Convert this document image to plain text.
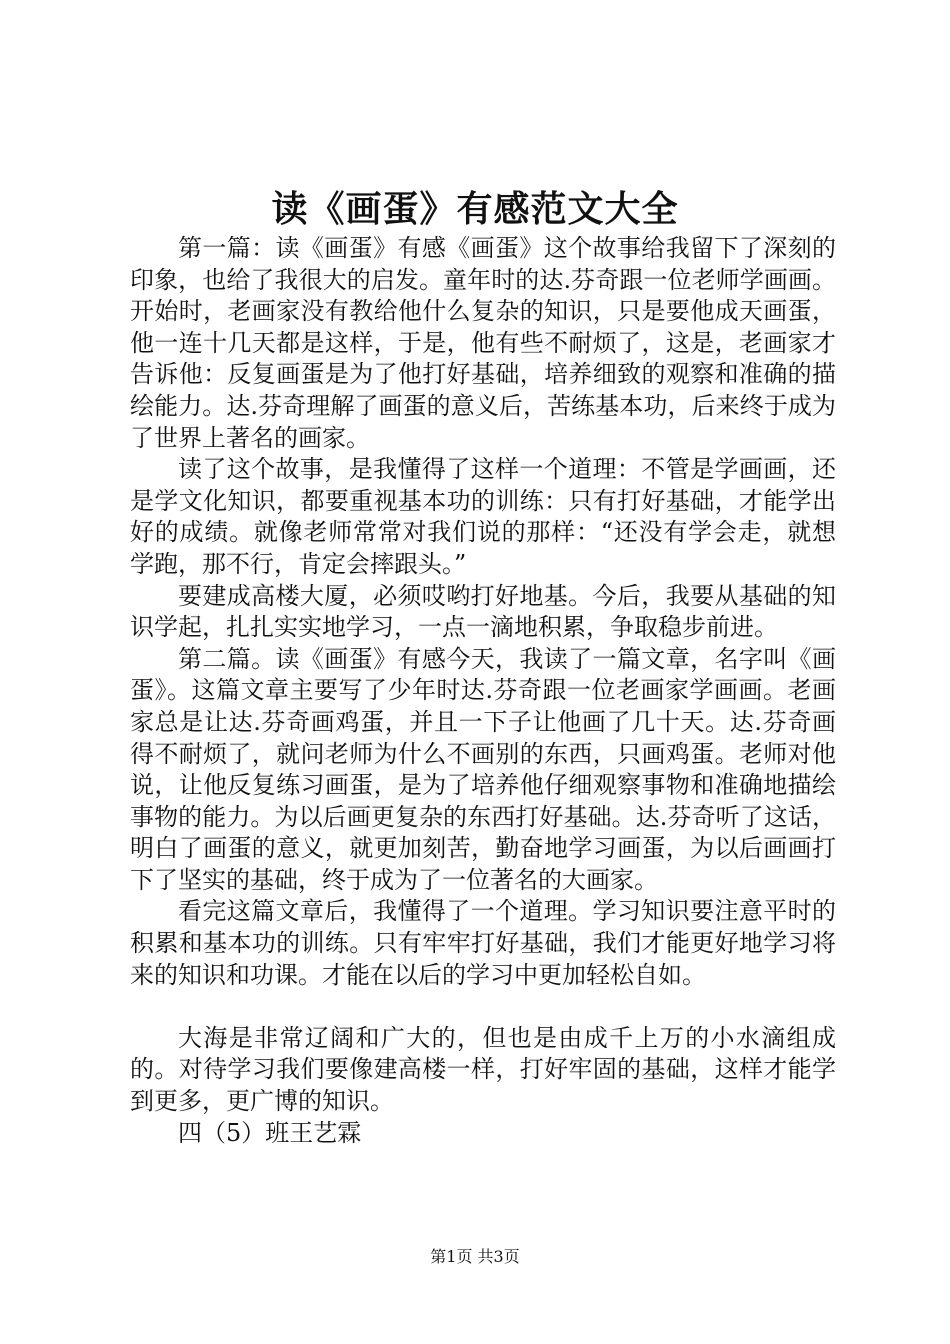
读《画蛋》有感范文大全

第一篇：读《画蛋》有感《画蛋》这个故事给我留下了深刻的印象，也给了我很大的启发。童年时的达.芬奇跟一位老师学画画。开始时，老画家没有教给他什么复杂的知识，只是要他成天画蛋，他一连十几天都是这样，于是，他有些不耐烦了，这是，老画家才告诉他：反复画蛋是为了他打好基础，培养细致的观察和准确的描绘能力。达.芬奇理解了画蛋的意义后，苦练基本功，后来终于成为了世界上著名的画家。

读了这个故事，是我懂得了这样一个道理：不管是学画画，还是学文化知识，都要重视基本功的训练：只有打好基础，才能学出好的成绩。就像老师常常对我们说的那样：“还没有学会走，就想学跑，那不行，肯定会摔跟头。”

要建成高楼大厦，必须哎哟打好地基。今后，我要从基础的知识学起，扎扎实实地学习，一点一滴地积累，争取稳步前进。

第二篇。读《画蛋》有感今天，我读了一篇文章，名字叫《画蛋》。这篇文章主要写了少年时达.芬奇跟一位老画家学画画。老画家总是让达.芬奇画鸡蛋，并且一下子让他画了几十天。达.芬奇画得不耐烦了，就问老师为什么不画别的东西，只画鸡蛋。老师对他说，让他反复练习画蛋，是为了培养他仔细观察事物和准确地描绘事物的能力。为以后画更复杂的东西打好基础。达.芬奇听了这话，明白了画蛋的意义，就更加刻苦，勤奋地学习画蛋，为以后画画打下了坚实的基础，终于成为了一位著名的大画家。

看完这篇文章后，我懂得了一个道理。学习知识要注意平时的积累和基本功的训练。只有牢牢打好基础，我们才能更好地学习将来的知识和功课。才能在以后的学习中更加轻松自如。

大海是非常辽阔和广大的，但也是由成千上万的小水滴组成的。对待学习我们要像建高楼一样，打好牢固的基础，这样才能学到更多，更广博的知识。

四（5）班王艺霖

第1页 共3页
